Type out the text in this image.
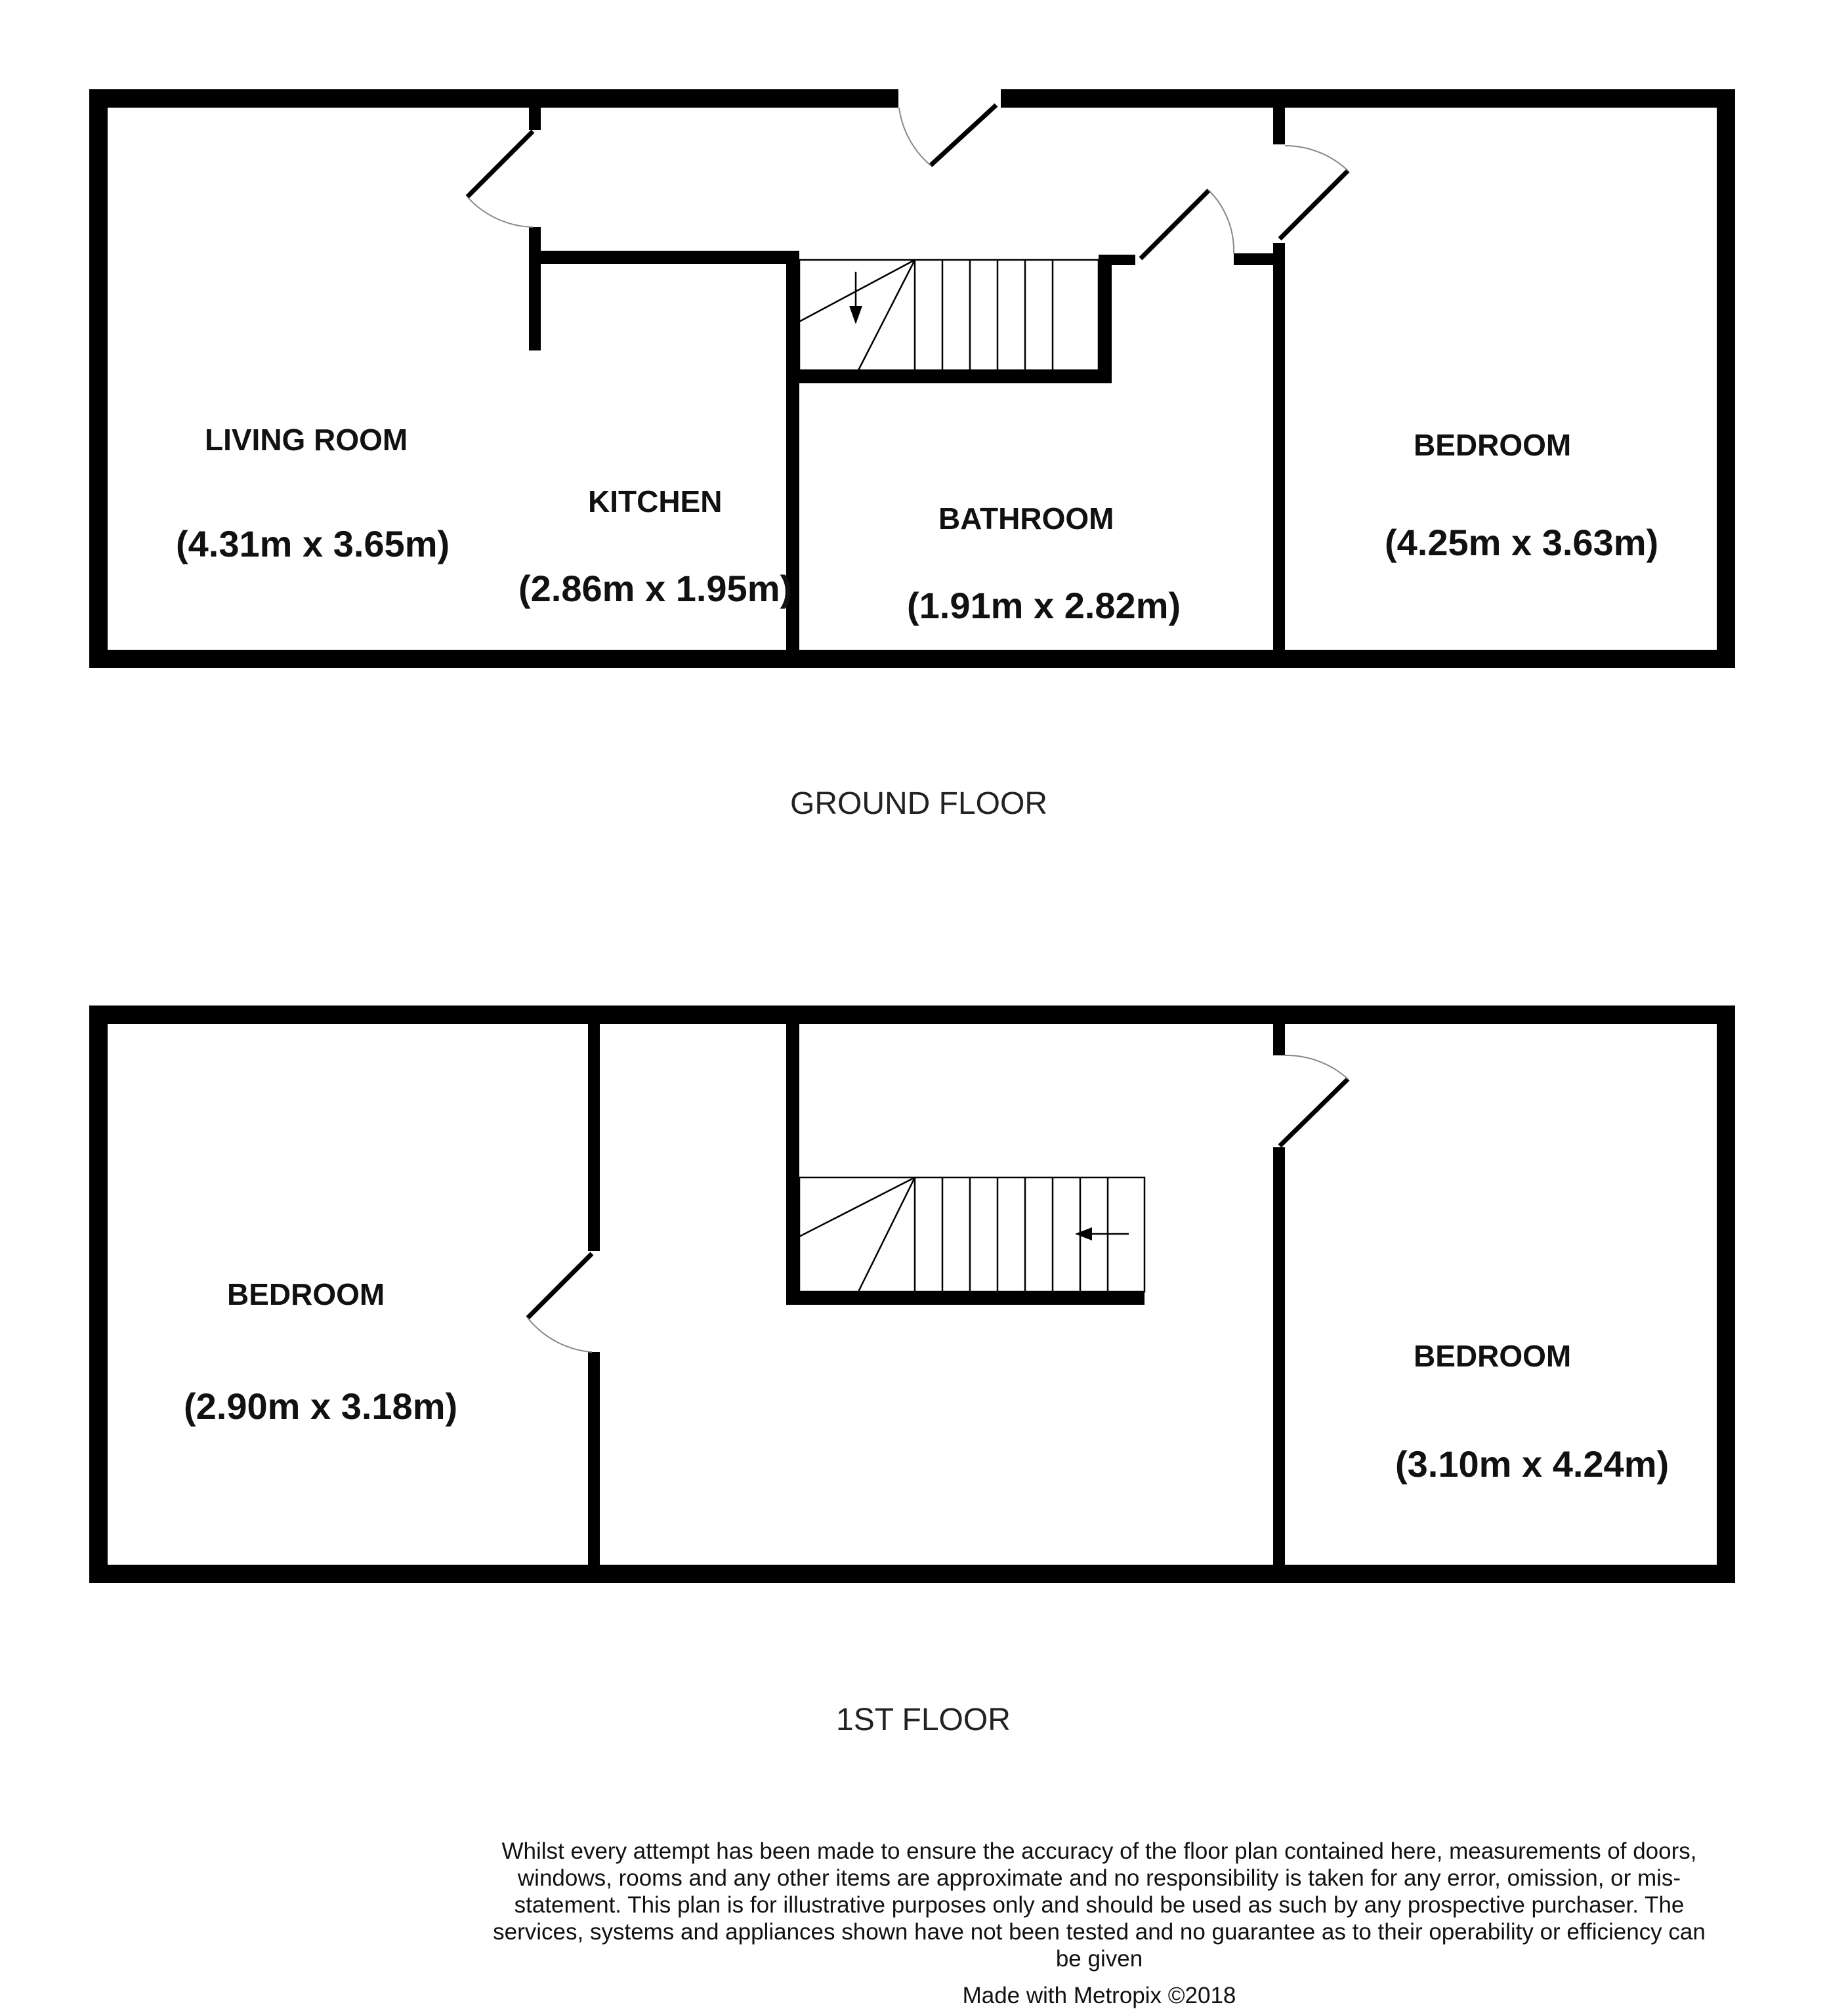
LIVING ROOM
(4.31m x 3.65m)
KITCHEN
(2.86m x 1.95m)
BATHROOM
(1.91m x 2.82m)
BEDROOM
(4.25m x 3.63m)
GROUND FLOOR
BEDROOM
(2.90m x 3.18m)
BEDROOM
(3.10m x 4.24m)
1ST FLOOR

Whilst every attempt has been made to ensure the accuracy of the floor plan contained here, measurements of doors, windows, rooms and any other items are approximate and no responsibility is taken for any error, omission, or mis-statement. This plan is for illustrative purposes only and should be used as such by any prospective purchaser. The services, systems and appliances shown have not been tested and no guarantee as to their operability or efficiency can be given

Made with Metropix ©2018
